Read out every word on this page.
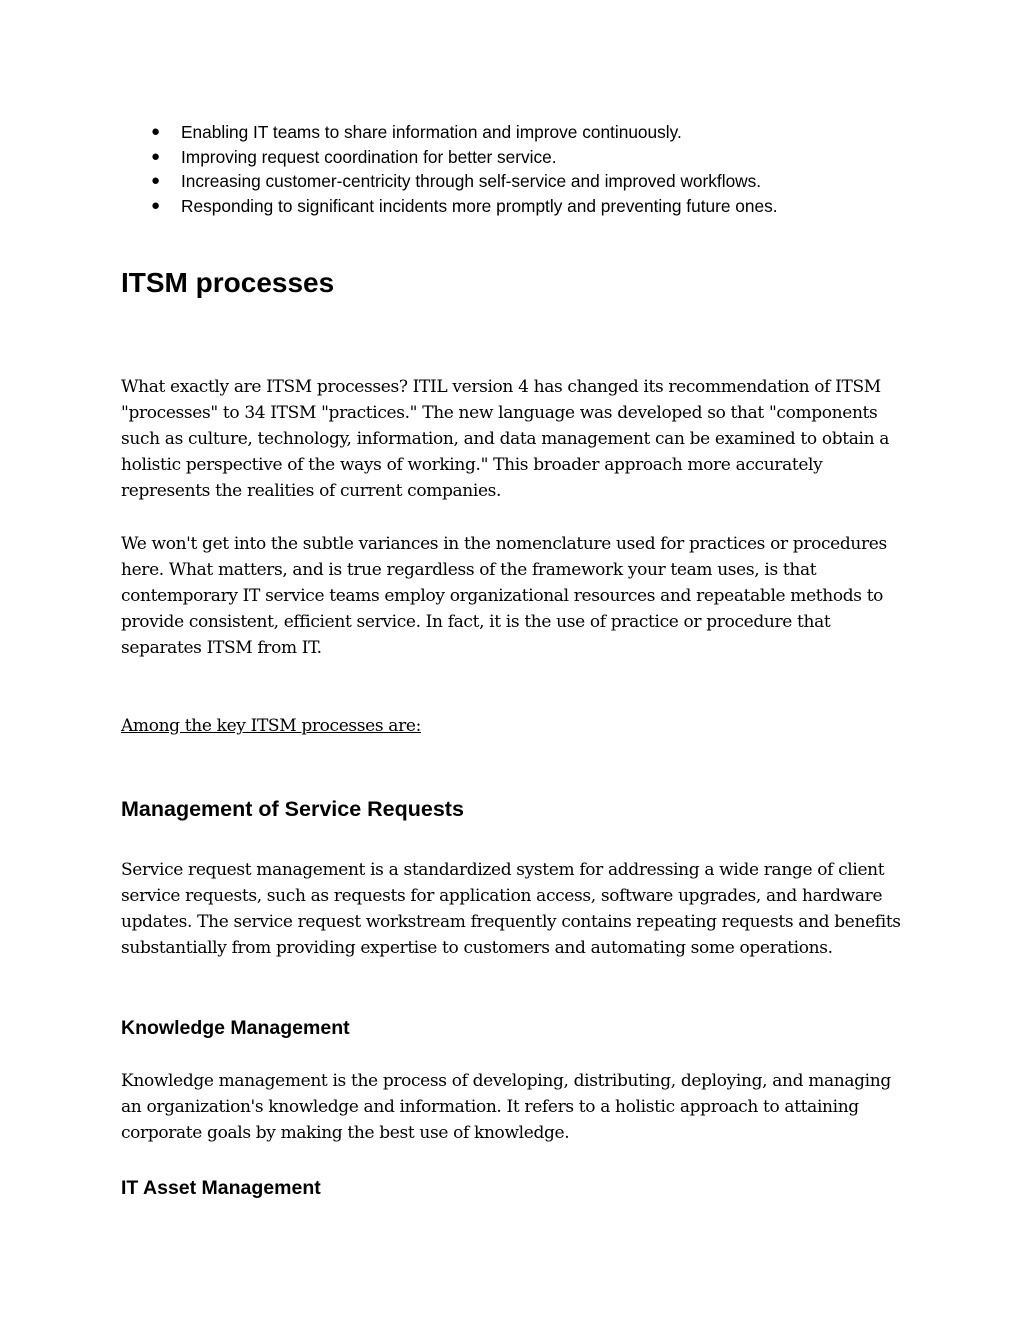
● Enabling IT teams to share information and improve continuously.
● Improving request coordination for better service.
● Increasing customer-centricity through self-service and improved workflows.
● Responding to significant incidents more promptly and preventing future ones.
ITSM processes

What exactly are ITSM processes? ITIL version 4 has changed its recommendation of ITSM "processes" to 34 ITSM "practices." The new language was developed so that "components such as culture, technology, information, and data management can be examined to obtain a holistic perspective of the ways of working." This broader approach more accurately represents the realities of current companies.

We won't get into the subtle variances in the nomenclature used for practices or procedures here. What matters, and is true regardless of the framework your team uses, is that contemporary IT service teams employ organizational resources and repeatable methods to provide consistent, efficient service. In fact, it is the use of practice or procedure that separates ITSM from IT.

Among the key ITSM processes are:

Management of Service Requests

Service request management is a standardized system for addressing a wide range of client service requests, such as requests for application access, software upgrades, and hardware updates. The service request workstream frequently contains repeating requests and benefits substantially from providing expertise to customers and automating some operations.

Knowledge Management

Knowledge management is the process of developing, distributing, deploying, and managing an organization's knowledge and information. It refers to a holistic approach to attaining corporate goals by making the best use of knowledge.

IT Asset Management
